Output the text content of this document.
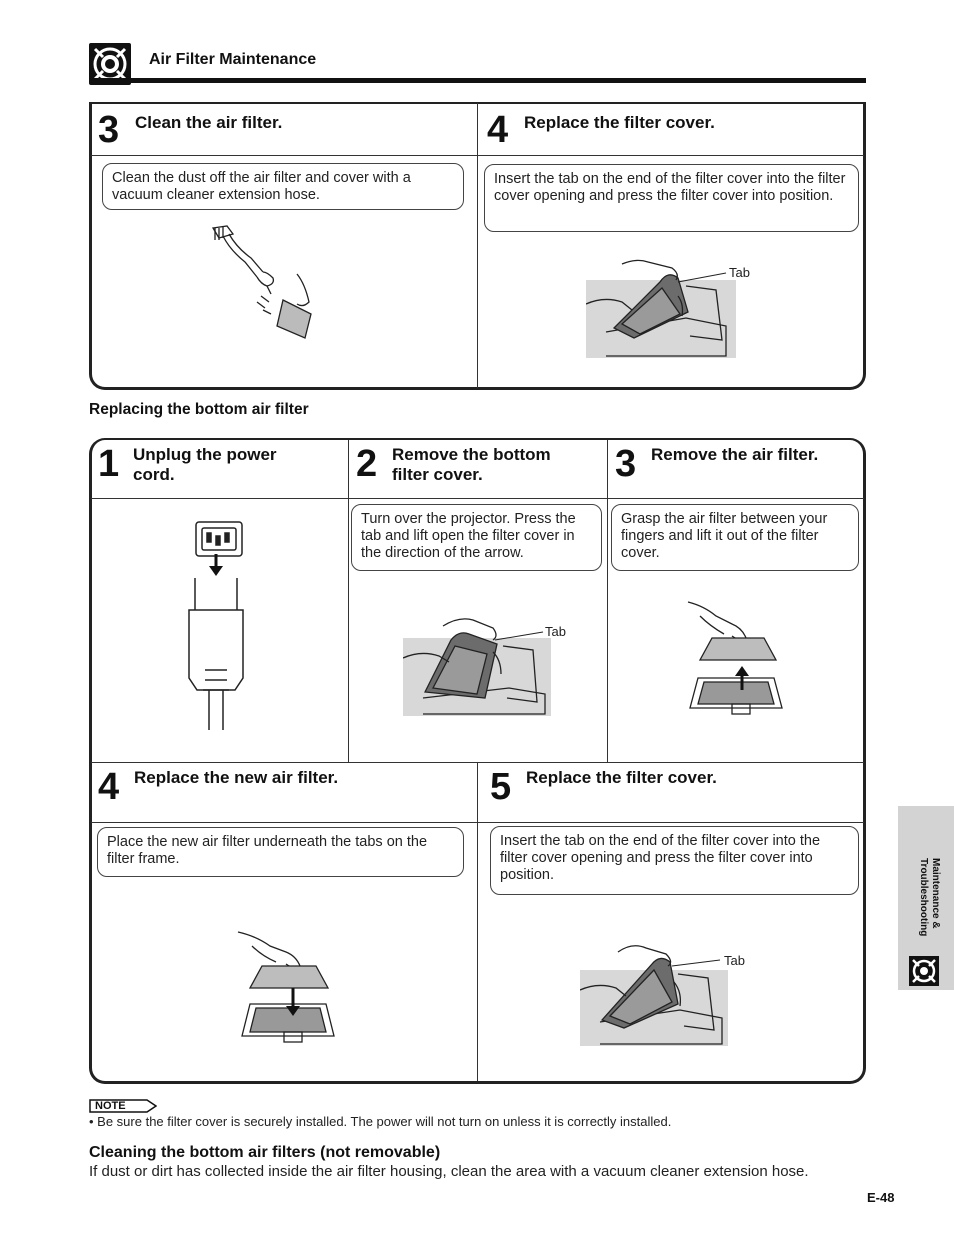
Air Filter Maintenance
3 Clean the air filter.
Clean the dust off the air filter and cover with a vacuum cleaner extension hose.
4 Replace the filter cover.
Insert the tab on the end of the filter cover into the filter cover opening and press the filter cover into position.
Tab
Replacing the bottom air filter
1 Unplug the power
cord.	2 Remove the bottom
filter cover.
Turn over the projector. Press the tab and lift open the filter cover in the direction of the arrow.
Tab
3 Remove the air filter.
Grasp the air filter between your fingers and lift it out of the filter cover.
4 Replace the new air filter.
Place the new air filter underneath the tabs on the filter frame.
5 Replace the filter cover.
Insert the tab on the end of the filter cover into the filter cover opening and press the filter cover into position.
Tab
NOTE
• Be sure the filter cover is securely installed. The power will not turn on unless it is correctly installed.
Cleaning the bottom air filters (not removable)
If dust or dirt has collected inside the air filter housing, clean the area with a vacuum cleaner extension hose.
Maintenance &
Troubleshooting
E-48
